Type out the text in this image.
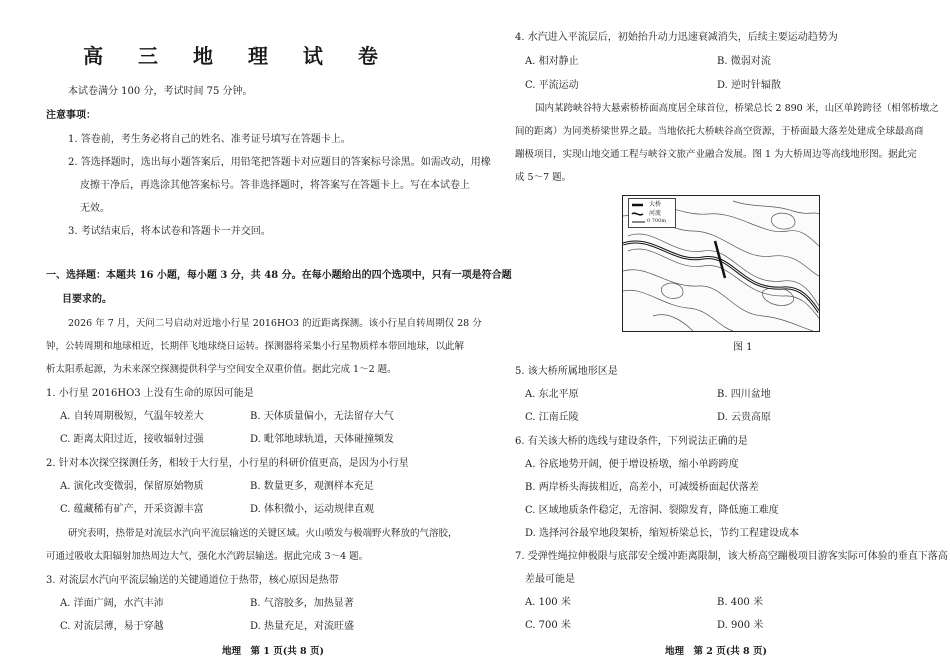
高 三 地 理 试 卷
本试卷满分 100 分，考试时间 75 分钟。
注意事项：
1. 答卷前，考生务必将自己的姓名、准考证号填写在答题卡上。
2. 答选择题时，选出每小题答案后，用铅笔把答题卡对应题目的答案标号涂黑。如需改动，用橡
皮擦干净后，再选涂其他答案标号。答非选择题时，将答案写在答题卡上。写在本试卷上
无效。
3. 考试结束后，将本试卷和答题卡一并交回。
一、选择题：本题共 16 小题，每小题 3 分，共 48 分。在每小题给出的四个选项中，只有一项是符合题
目要求的。
2026 年 7 月，天问二号启动对近地小行星 2016HO3 的近距离探测。该小行星自转周期仅 28 分
钟，公转周期和地球相近，长期伴飞地球绕日运转。探测器将采集小行星物质样本带回地球，以此解
析太阳系起源，为未来深空探测提供科学与空间安全双重价值。据此完成 1～2 题。
1. 小行星 2016HO3 上没有生命的原因可能是
A. 自转周期极短，气温年较差大	B. 天体质量偏小，无法留存大气
C. 距离太阳过近，接收辐射过强	D. 毗邻地球轨道，天体碰撞频发
2. 针对本次探空探测任务，相较于大行星，小行星的科研价值更高，是因为小行星
A. 演化改变微弱，保留原始物质	B. 数量更多，观测样本充足
C. 蕴藏稀有矿产，开采资源丰富	D. 体积微小，运动规律直观
研究表明，热带是对流层水汽向平流层输送的关键区域。火山喷发与极端野火释放的气溶胶，
可通过吸收太阳辐射加热周边大气，强化水汽跨层输送。据此完成 3～4 题。
3. 对流层水汽向平流层输送的关键通道位于热带，核心原因是热带
A. 洋面广阔，水汽丰沛	B. 气溶胶多，加热显著
C. 对流层薄，易于穿越	D. 热量充足，对流旺盛
地理　第 1 页(共 8 页)
4. 水汽进入平流层后，初始抬升动力迅速衰减消失，后续主要运动趋势为
A. 相对静止	B. 微弱对流
C. 平流运动	D. 逆时针辐散
国内某跨峡谷特大悬索桥桥面高度居全球首位，桥梁总长 2 890 米，山区单跨跨径（相邻桥墩之
间的距离）为同类桥梁世界之最。当地依托大桥峡谷高空资源，于桥面最大落差处建成全球最高商
蹦极项目，实现山地交通工程与峡谷文旅产业融合发展。图 1 为大桥周边等高线地形图。据此完
成 5～7 题。
大桥
河流
0 700m
图 1
5. 该大桥所属地形区是
A. 东北平原	B. 四川盆地
C. 江南丘陵	D. 云贵高原
6. 有关该大桥的选线与建设条件，下列说法正确的是
A. 谷底地势开阔，便于增设桥墩，缩小单跨跨度
B. 两岸桥头海拔相近，高差小，可减缓桥面起伏落差
C. 区域地质条件稳定，无溶洞、裂隙发育，降低施工难度
D. 选择河谷最窄地段架桥，缩短桥梁总长，节约工程建设成本
7. 受弹性绳拉伸极限与底部安全缓冲距离限制，该大桥高空蹦极项目游客实际可体验的垂直下落高
差最可能是
A. 100 米	B. 400 米
C. 700 米	D. 900 米
地理　第 2 页(共 8 页)
